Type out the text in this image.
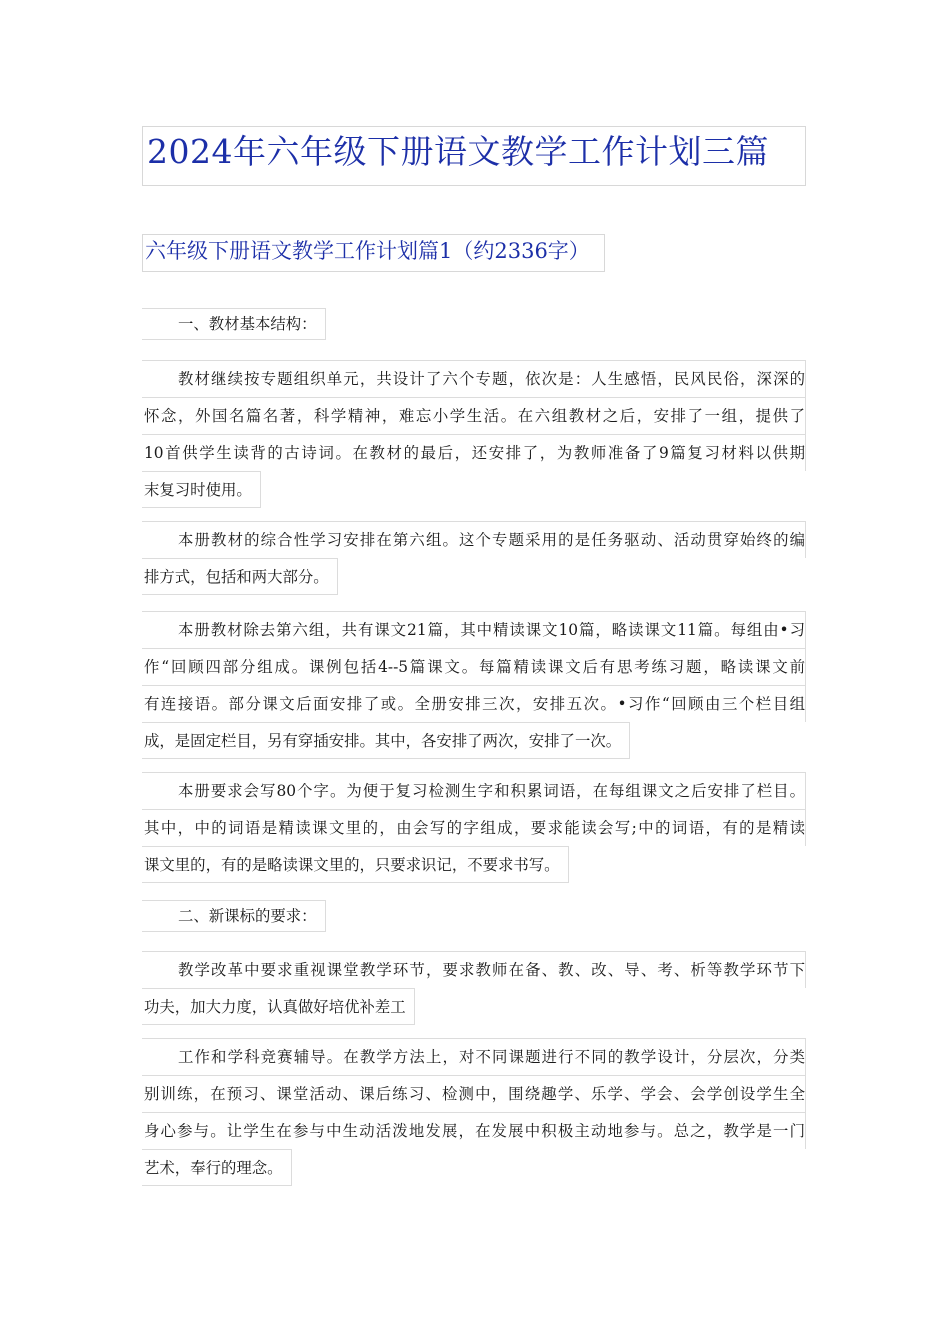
2024年六年级下册语文教学工作计划三篇
六年级下册语文教学工作计划篇1（约2336字）
一、教材基本结构：
教材继续按专题组织单元，共设计了六个专题，依次是：人生感悟，民风民俗，深深的
怀念，外国名篇名著，科学精神，难忘小学生活。在六组教材之后，安排了一组，提供了
10首供学生读背的古诗词。在教材的最后，还安排了，为教师准备了9篇复习材料以供期
末复习时使用。
本册教材的综合性学习安排在第六组。这个专题采用的是任务驱动、活动贯穿始终的编
排方式，包括和两大部分。
本册教材除去第六组，共有课文21篇，其中精读课文10篇，略读课文11篇。每组由•习
作“回顾四部分组成。课例包括4--5篇课文。每篇精读课文后有思考练习题，略读课文前
有连接语。部分课文后面安排了或。全册安排三次，安排五次。•习作“回顾由三个栏目组
成，是固定栏目，另有穿插安排。其中，各安排了两次，安排了一次。
本册要求会写80个字。为便于复习检测生字和积累词语，在每组课文之后安排了栏目。
其中，中的词语是精读课文里的，由会写的字组成，要求能读会写;中的词语，有的是精读
课文里的，有的是略读课文里的，只要求识记，不要求书写。
二、新课标的要求：
教学改革中要求重视课堂教学环节，要求教师在备、教、改、导、考、析等教学环节下
功夫，加大力度，认真做好培优补差工
工作和学科竞赛辅导。在教学方法上，对不同课题进行不同的教学设计，分层次，分类
别训练，在预习、课堂活动、课后练习、检测中，围绕趣学、乐学、学会、会学创设学生全
身心参与。让学生在参与中生动活泼地发展，在发展中积极主动地参与。总之，教学是一门
艺术，奉行的理念。
